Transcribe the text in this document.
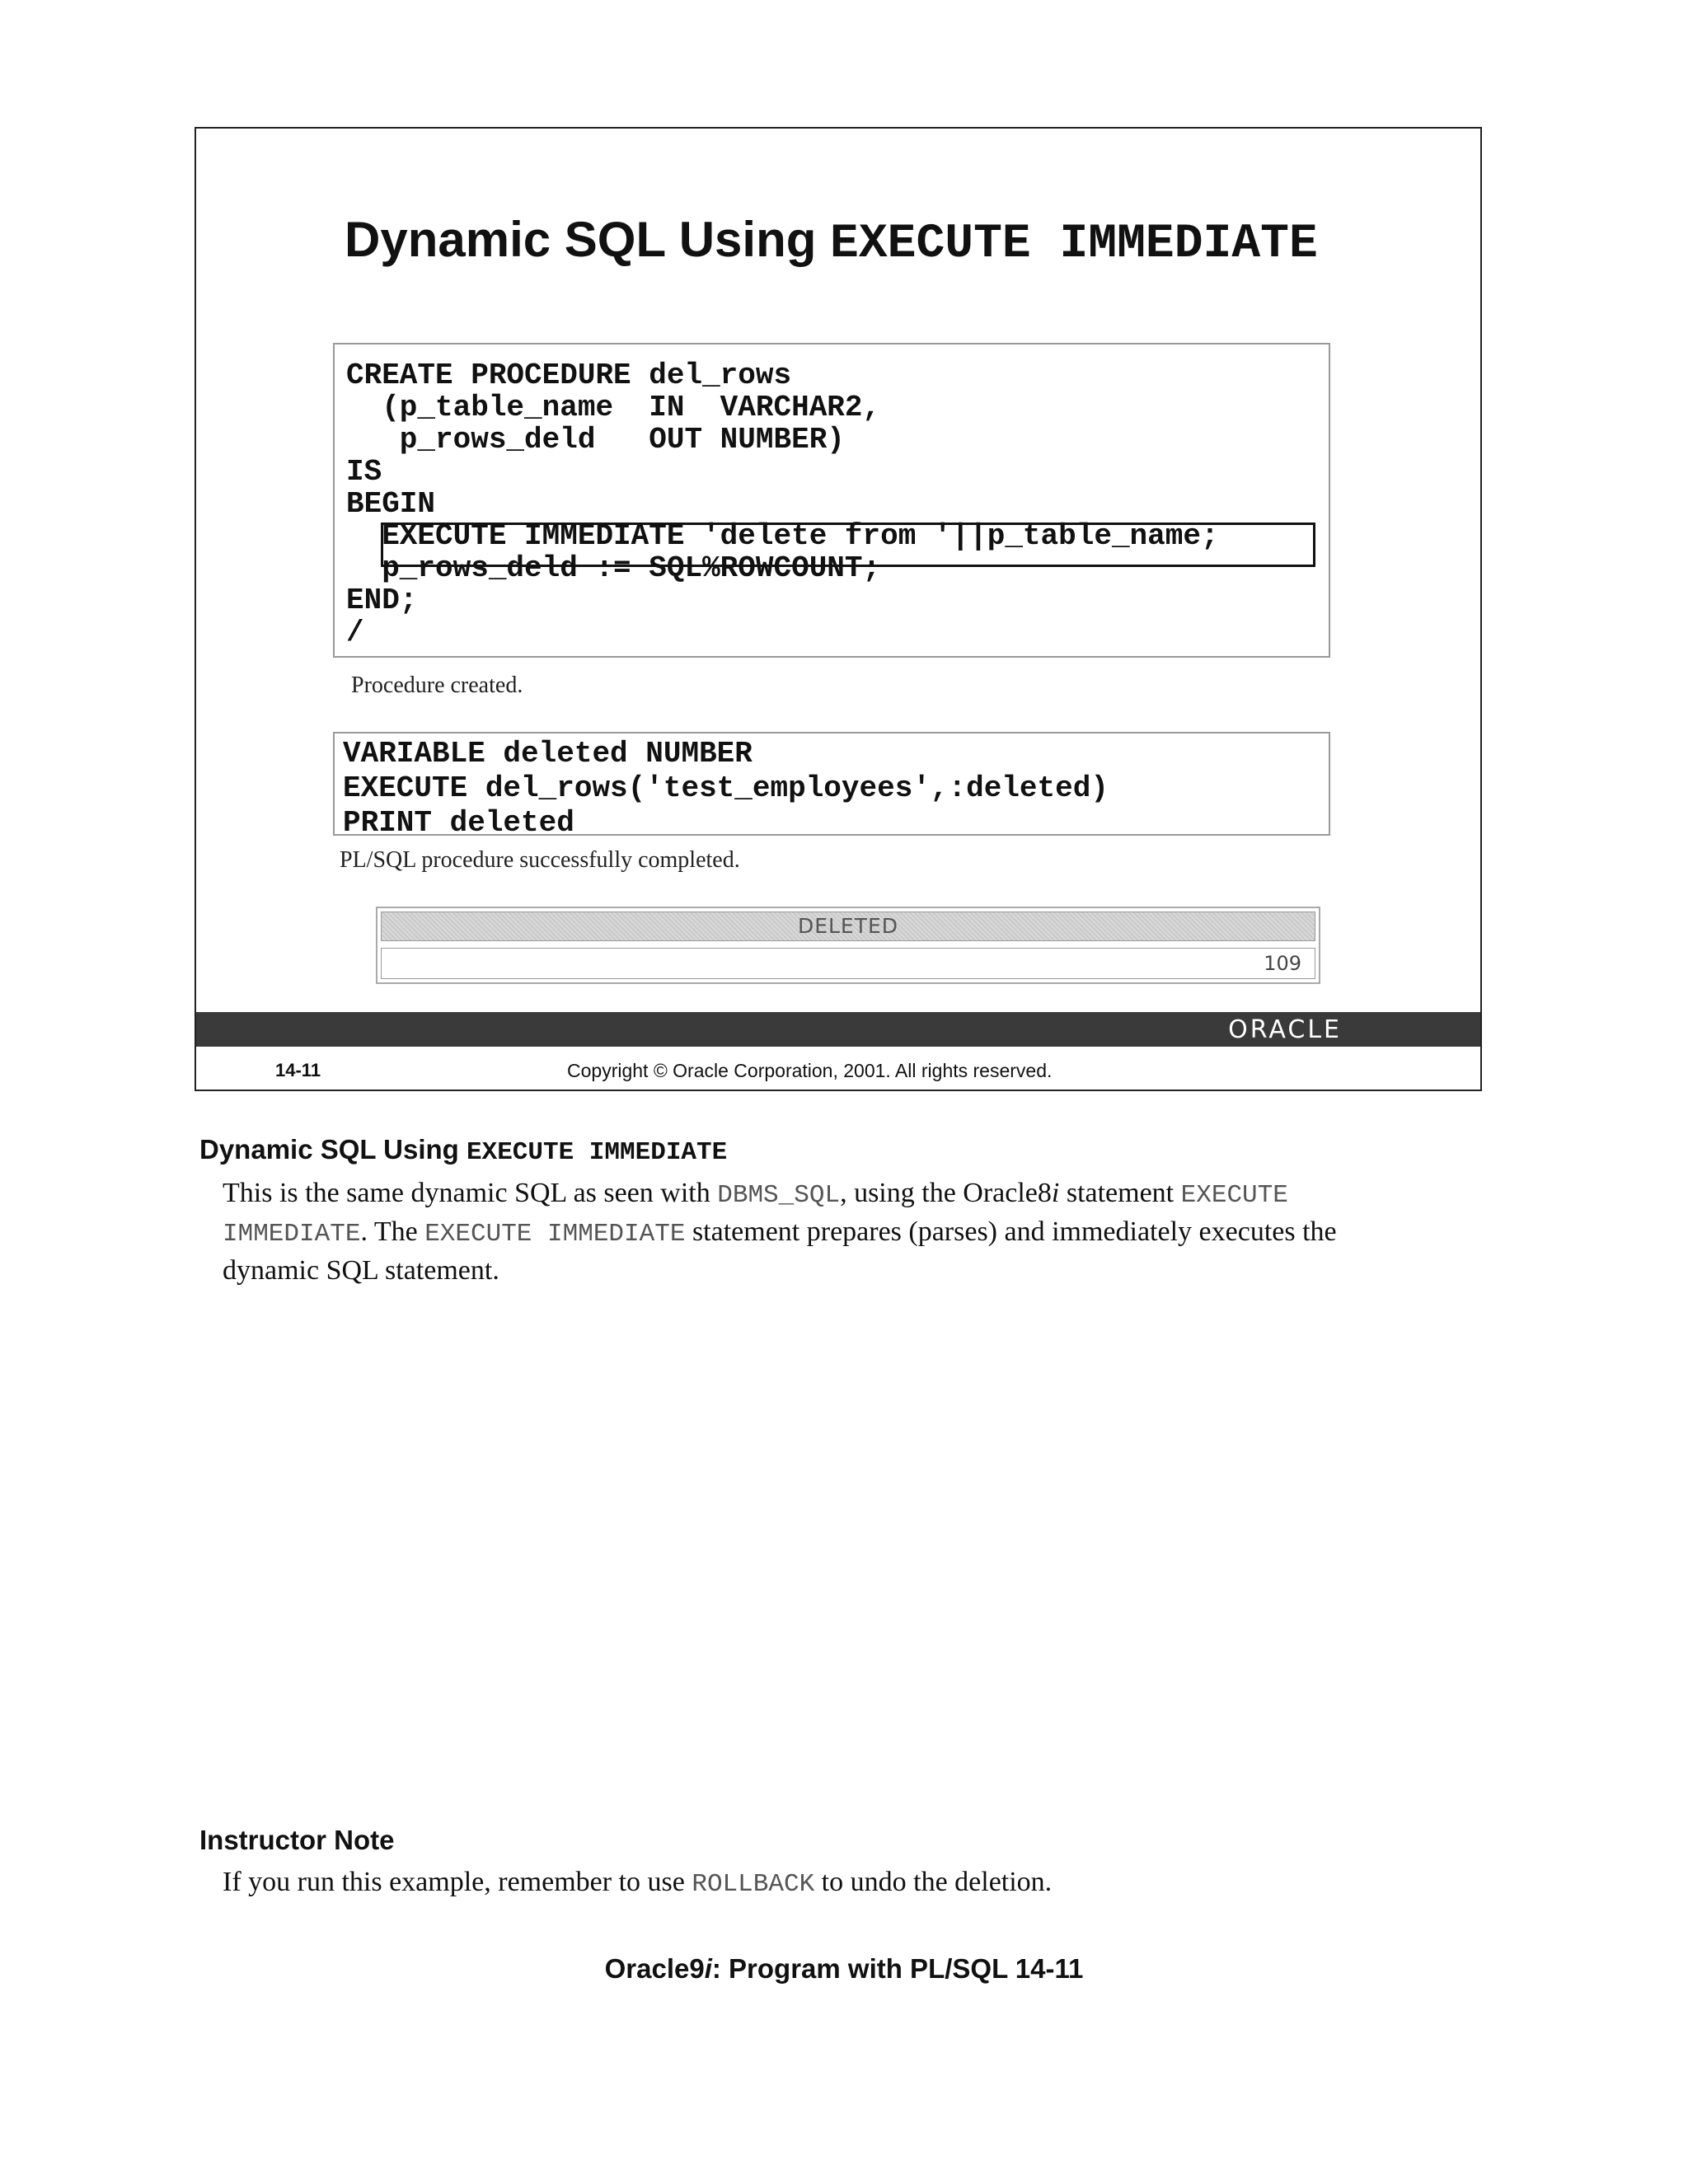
Dynamic SQL Using EXECUTE IMMEDIATE
CREATE PROCEDURE del_rows
(p_table_name  IN  VARCHAR2,
p_rows_deld   OUT NUMBER)
IS
BEGIN
EXECUTE IMMEDIATE 'delete from '||p_table_name;
p_rows_deld := SQL%ROWCOUNT;
END;
/
Procedure created.
VARIABLE deleted NUMBER
EXECUTE del_rows('test_employees',:deleted)
PRINT deleted
PL/SQL procedure successfully completed.
DELETED
109
ORACLE
14-11	Copyright © Oracle Corporation, 2001. All rights reserved.
Dynamic SQL Using EXECUTE IMMEDIATE
This is the same dynamic SQL as seen with DBMS_SQL, using the Oracle8i statement EXECUTE
IMMEDIATE. The EXECUTE IMMEDIATE statement prepares (parses) and immediately executes the
dynamic SQL statement.
Instructor Note
If you run this example, remember to use ROLLBACK to undo the deletion.
Oracle9i: Program with PL/SQL 14-11
